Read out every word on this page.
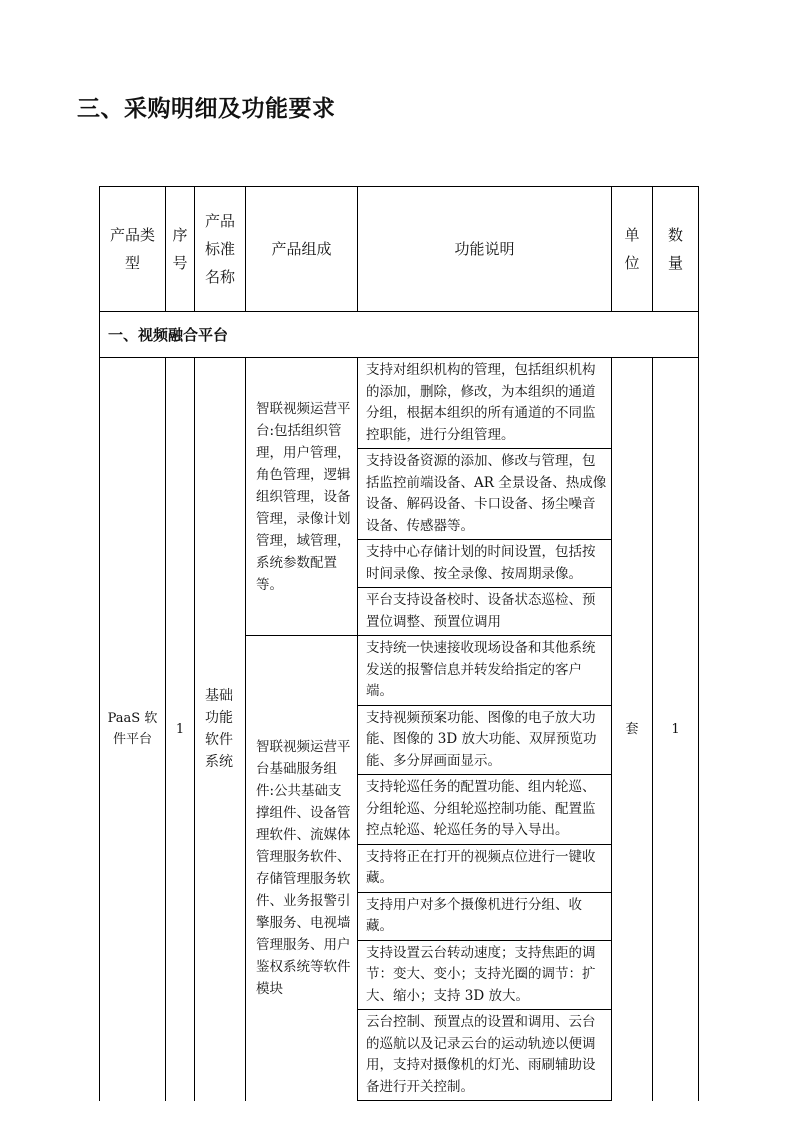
三、采购明细及功能要求
产品类型	序号	产品标准名称	产品组成	功能说明	单位	数量

一、视频融合平台						

PaaS 软件平台	1	基础功能软件系统	智联视频运营平台:包括组织管理，用户管理，角色管理，逻辑组织管理，设备管理，录像计划管理，域管理，系统参数配置等。	支持对组织机构的管理，包括组织机构的添加，删除，修改，为本组织的通道分组，根据本组织的所有通道的不同监控职能，进行分组管理。	套	1
				支持设备资源的添加、修改与管理，包括监控前端设备、AR 全景设备、热成像设备、解码设备、卡口设备、扬尘噪音设备、传感器等。		
				支持中心存储计划的时间设置，包括按时间录像、按全录像、按周期录像。		
				平台支持设备校时、设备状态巡检、预置位调整、预置位调用		
			智联视频运营平台基础服务组件:公共基础支撑组件、设备管理软件、流媒体管理服务软件、存储管理服务软件、业务报警引擎服务、电视墙管理服务、用户鉴权系统等软件模块	支持统一快速接收现场设备和其他系统发送的报警信息并转发给指定的客户端。		
				支持视频预案功能、图像的电子放大功能、图像的 3D 放大功能、双屏预览功能、多分屏画面显示。		
				支持轮巡任务的配置功能、组内轮巡、分组轮巡、分组轮巡控制功能、配置监控点轮巡、轮巡任务的导入导出。		
				支持将正在打开的视频点位进行一键收藏。		
				支持用户对多个摄像机进行分组、收藏。		
				支持设置云台转动速度；支持焦距的调节：变大、变小；支持光圈的调节：扩大、缩小；支持 3D 放大。		
				云台控制、预置点的设置和调用、云台的巡航以及记录云台的运动轨迹以便调用，支持对摄像机的灯光、雨刷辅助设备进行开关控制。		
